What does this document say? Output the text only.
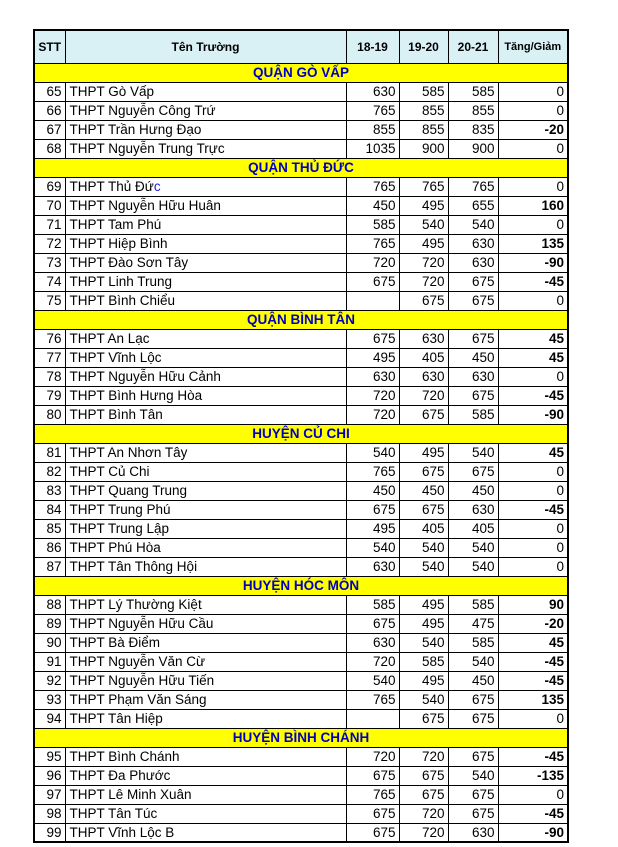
STT	Tên Trường	18-19	19-20	20-21	Tăng/Giảm
QUẬN GÒ VẤP					
65	THPT Gò Vấp	630	585	585	0
66	THPT Nguyễn Công Trứ	765	855	855	0
67	THPT Trần Hưng Đạo	855	855	835	-20
68	THPT Nguyễn Trung Trực	1035	900	900	0
QUẬN THỦ ĐỨC					
69	THPT Thủ Đức	765	765	765	0
70	THPT Nguyễn Hữu Huân	450	495	655	160
71	THPT Tam Phú	585	540	540	0
72	THPT Hiệp Bình	765	495	630	135
73	THPT Đào Sơn Tây	720	720	630	-90
74	THPT Linh Trung	675	720	675	-45
75	THPT Bình Chiểu		675	675	0
QUẬN BÌNH TÂN					
76	THPT An Lạc	675	630	675	45
77	THPT Vĩnh Lộc	495	405	450	45
78	THPT Nguyễn Hữu Cảnh	630	630	630	0
79	THPT Bình Hưng Hòa	720	720	675	-45
80	THPT Bình Tân	720	675	585	-90
HUYỆN CỦ CHI					
81	THPT An Nhơn Tây	540	495	540	45
82	THPT Củ Chi	765	675	675	0
83	THPT Quang Trung	450	450	450	0
84	THPT Trung Phú	675	675	630	-45
85	THPT Trung Lập	495	405	405	0
86	THPT Phú Hòa	540	540	540	0
87	THPT Tân Thông Hội	630	540	540	0
HUYỆN HÓC MÔN					
88	THPT Lý Thường Kiệt	585	495	585	90
89	THPT Nguyễn Hữu Cầu	675	495	475	-20
90	THPT Bà Điểm	630	540	585	45
91	THPT Nguyễn Văn Cừ	720	585	540	-45
92	THPT Nguyễn Hữu Tiến	540	495	450	-45
93	THPT Phạm Văn Sáng	765	540	675	135
94	THPT Tân Hiệp		675	675	0
HUYỆN BÌNH CHÁNH					
95	THPT Bình Chánh	720	720	675	-45
96	THPT Đa Phước	675	675	540	-135
97	THPT Lê Minh Xuân	765	675	675	0
98	THPT Tân Túc	675	720	675	-45
99	THPT Vĩnh Lộc B	675	720	630	-90
